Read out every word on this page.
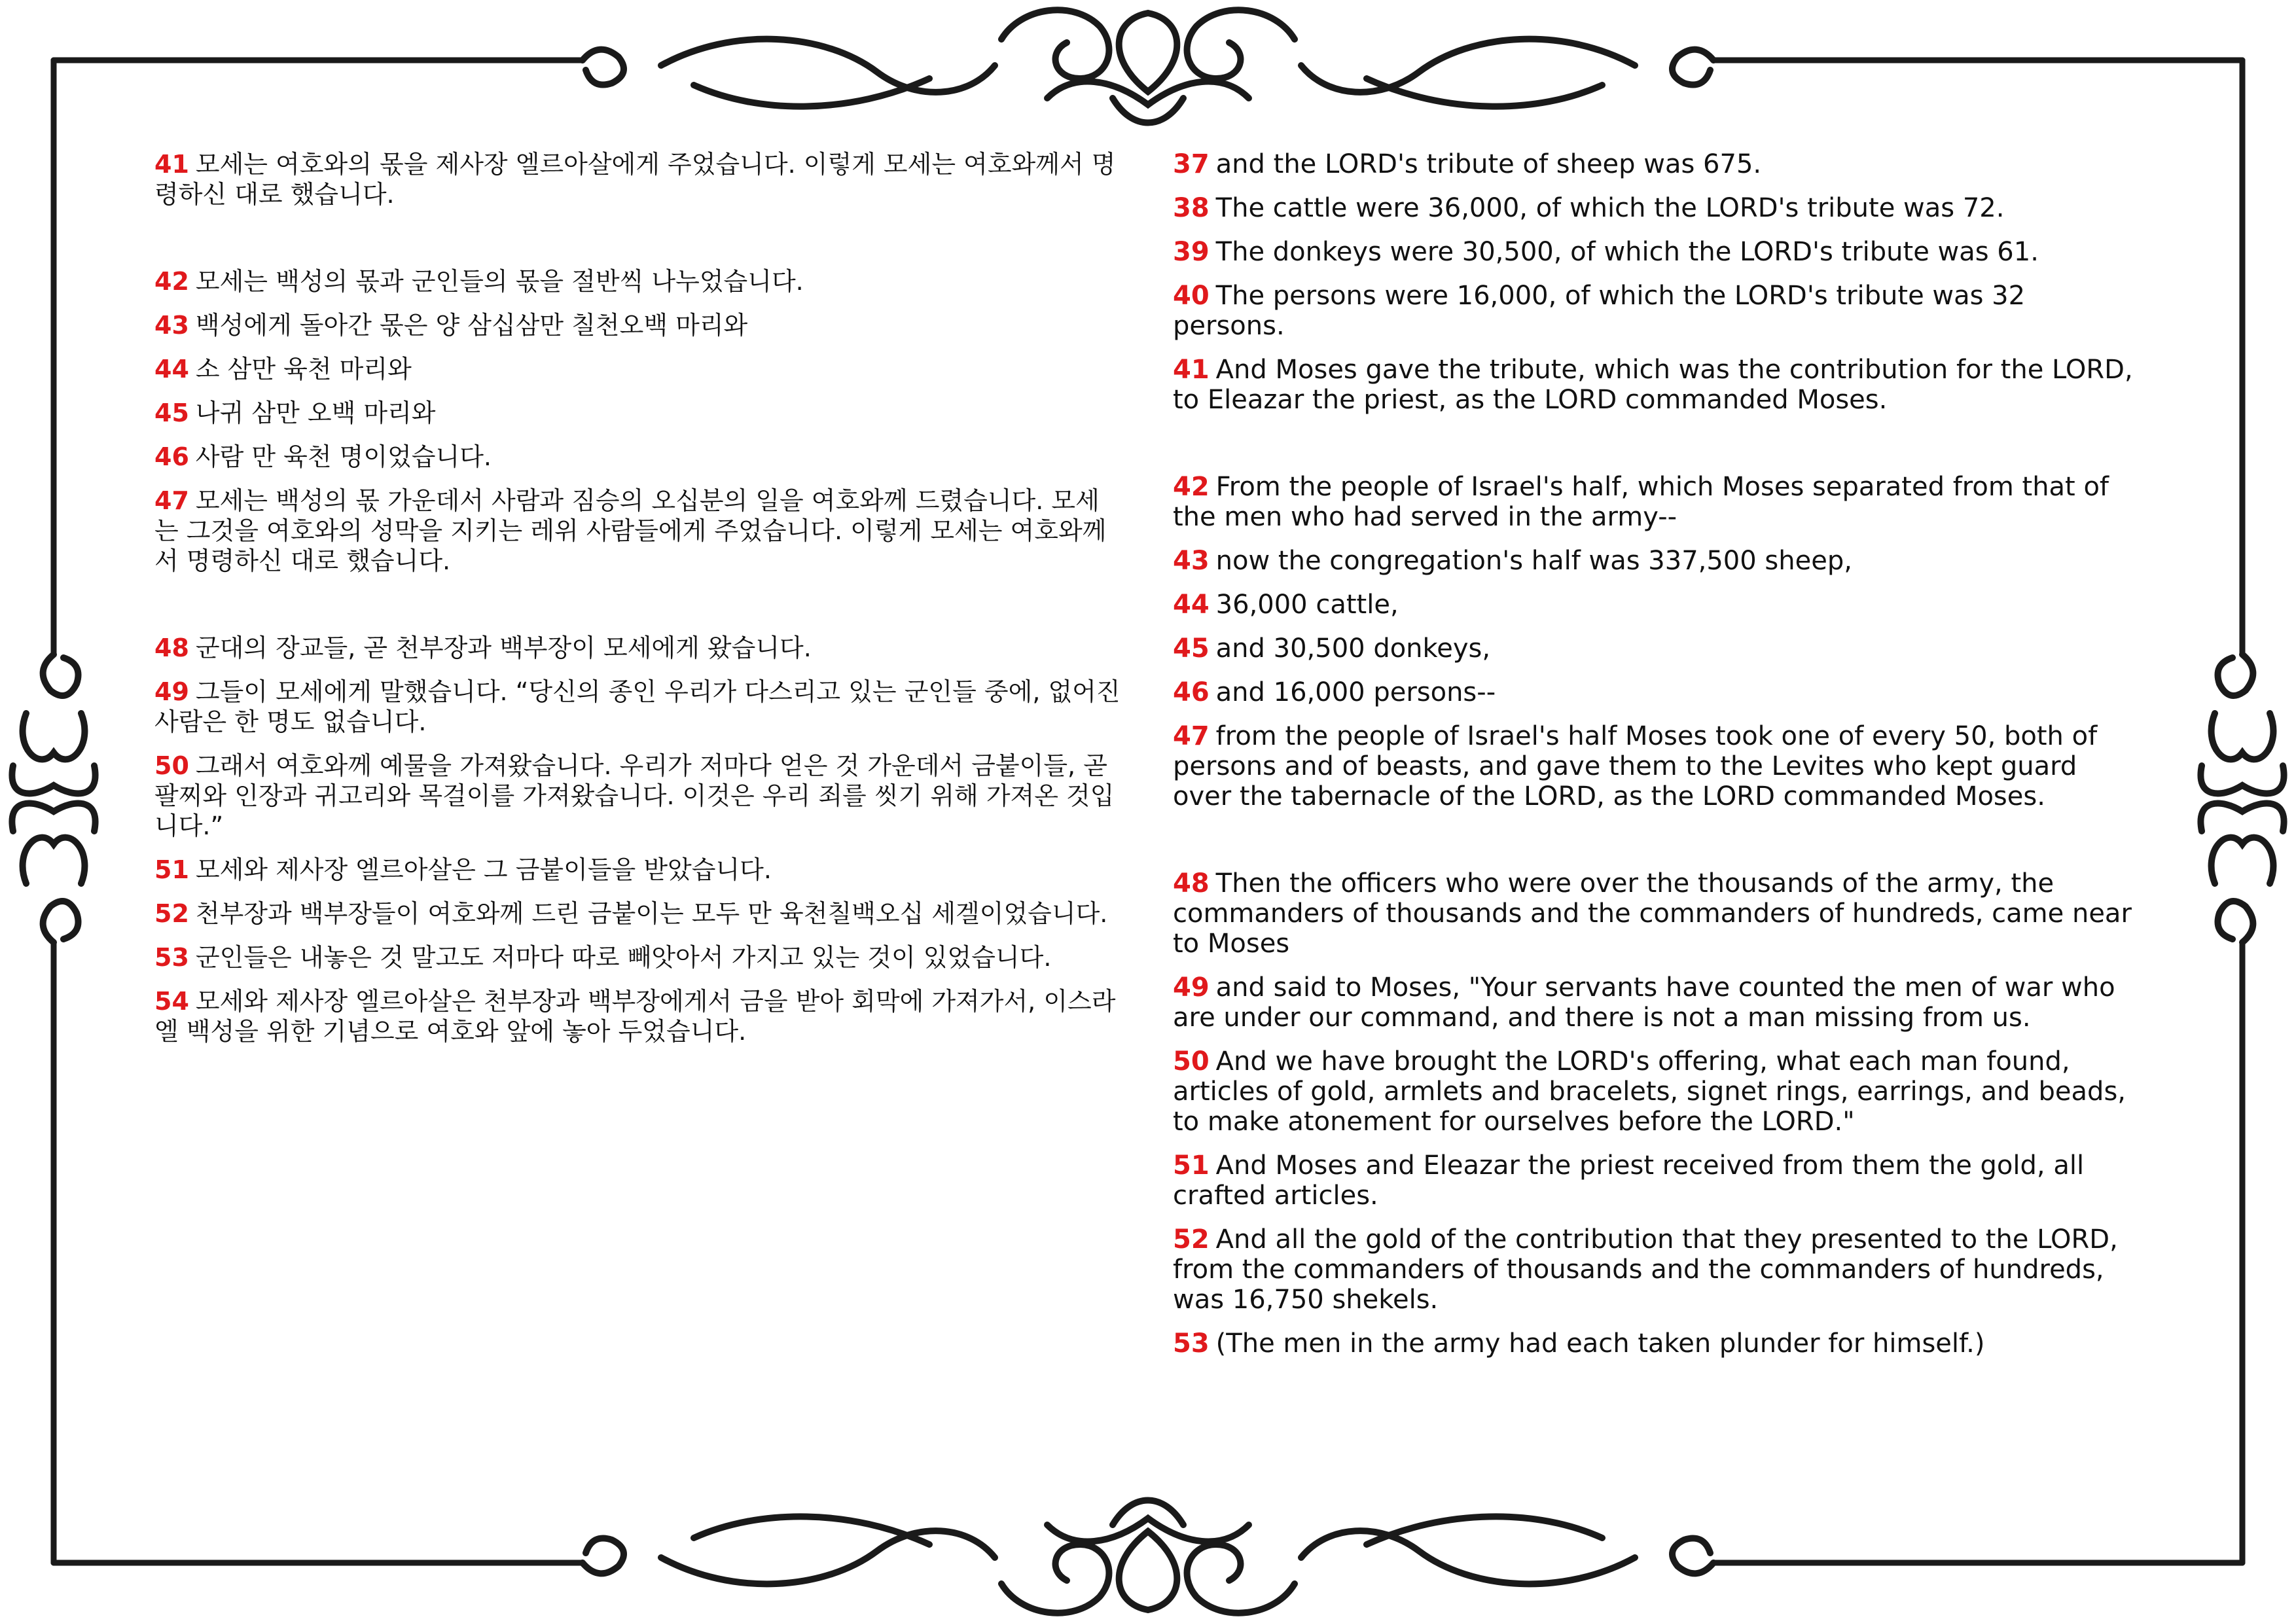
41 모세는 여호와의 몫을 제사장 엘르아살에게 주었습니다. 이렇게 모세는 여호와께서 명령하신 대로 했습니다.

42 모세는 백성의 몫과 군인들의 몫을 절반씩 나누었습니다.

43 백성에게 돌아간 몫은 양 삼십삼만 칠천오백 마리와

44 소 삼만 육천 마리와

45 나귀 삼만 오백 마리와

46 사람 만 육천 명이었습니다.

47 모세는 백성의 몫 가운데서 사람과 짐승의 오십분의 일을 여호와께 드렸습니다. 모세는 그것을 여호와의 성막을 지키는 레위 사람들에게 주었습니다. 이렇게 모세는 여호와께서 명령하신 대로 했습니다.

48 군대의 장교들, 곧 천부장과 백부장이 모세에게 왔습니다.

49 그들이 모세에게 말했습니다. “당신의 종인 우리가 다스리고 있는 군인들 중에, 없어진 사람은 한 명도 없습니다.

50 그래서 여호와께 예물을 가져왔습니다. 우리가 저마다 얻은 것 가운데서 금붙이들, 곧 팔찌와 인장과 귀고리와 목걸이를 가져왔습니다. 이것은 우리 죄를 씻기 위해 가져온 것입니다.”

51 모세와 제사장 엘르아살은 그 금붙이들을 받았습니다.

52 천부장과 백부장들이 여호와께 드린 금붙이는 모두 만 육천칠백오십 세겔이었습니다.

53 군인들은 내놓은 것 말고도 저마다 따로 빼앗아서 가지고 있는 것이 있었습니다.

54 모세와 제사장 엘르아살은 천부장과 백부장에게서 금을 받아 회막에 가져가서, 이스라엘 백성을 위한 기념으로 여호와 앞에 놓아 두었습니다.

37 and the LORD's tribute of sheep was 675.

38 The cattle were 36,000, of which the LORD's tribute was 72.

39 The donkeys were 30,500, of which the LORD's tribute was 61.

40 The persons were 16,000, of which the LORD's tribute was 32 persons.

41 And Moses gave the tribute, which was the contribution for the LORD, to Eleazar the priest, as the LORD commanded Moses.

42 From the people of Israel's half, which Moses separated from that of the men who had served in the army--

43 now the congregation's half was 337,500 sheep,

44 36,000 cattle,

45 and 30,500 donkeys,

46 and 16,000 persons--

47 from the people of Israel's half Moses took one of every 50, both of persons and of beasts, and gave them to the Levites who kept guard over the tabernacle of the LORD, as the LORD commanded Moses.

48 Then the officers who were over the thousands of the army, the commanders of thousands and the commanders of hundreds, came near to Moses

49 and said to Moses, "Your servants have counted the men of war who are under our command, and there is not a man missing from us.

50 And we have brought the LORD's offering, what each man found, articles of gold, armlets and bracelets, signet rings, earrings, and beads, to make atonement for ourselves before the LORD."

51 And Moses and Eleazar the priest received from them the gold, all crafted articles.

52 And all the gold of the contribution that they presented to the LORD, from the commanders of thousands and the commanders of hundreds, was 16,750 shekels.

53 (The men in the army had each taken plunder for himself.)
